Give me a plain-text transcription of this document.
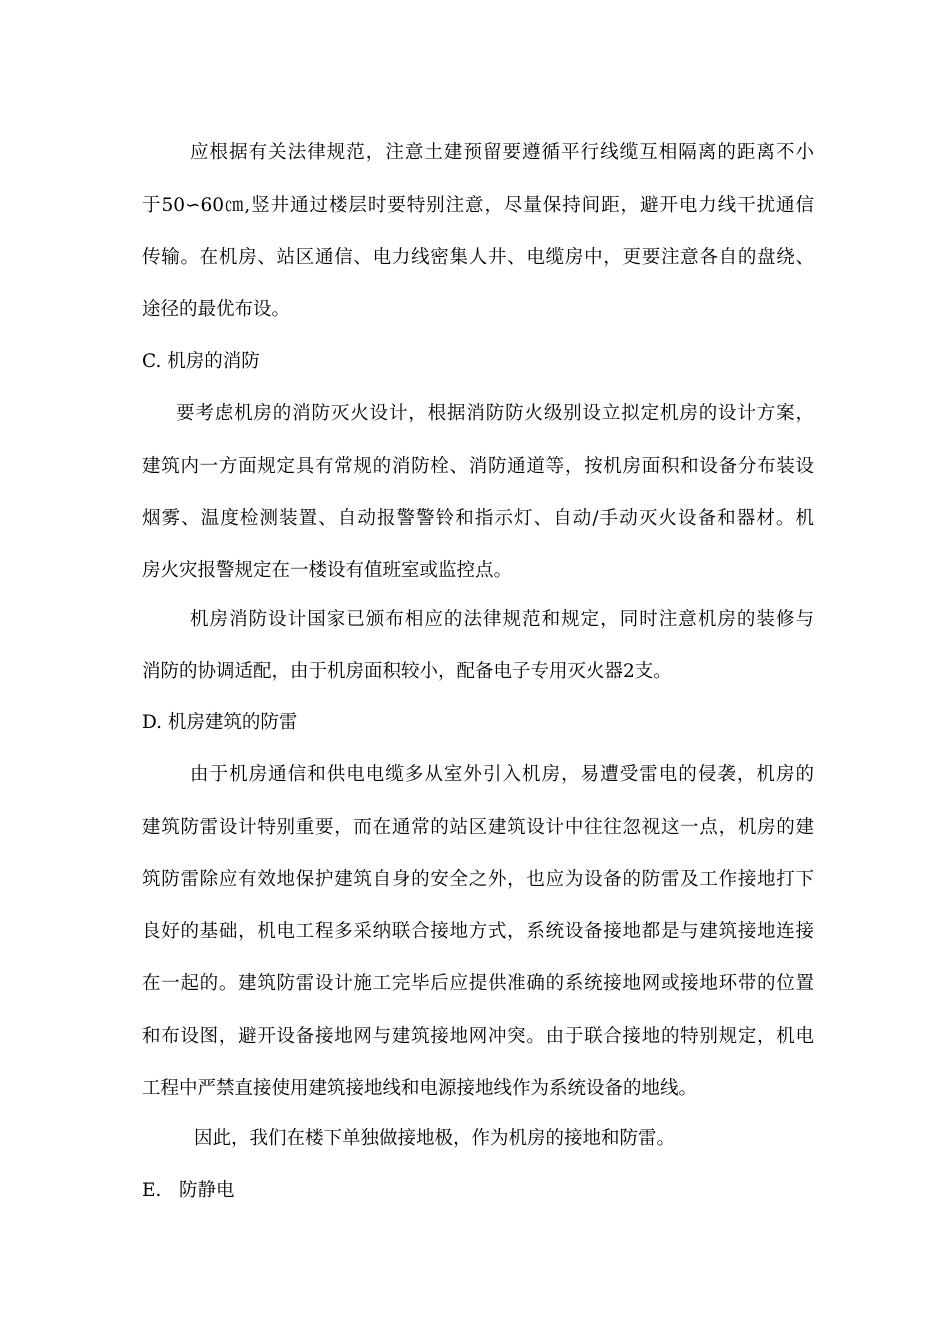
应根据有关法律规范，注意土建预留要遵循平行线缆互相隔离的距离不小
于50∽60㎝,竖井通过楼层时要特别注意，尽量保持间距，避开电力线干扰通信
传输。在机房、站区通信、电力线密集人井、电缆房中，更要注意各自的盘绕、
途径的最优布设。
C. 机房的消防
要考虑机房的消防灭火设计，根据消防防火级别设立拟定机房的设计方案，
建筑内一方面规定具有常规的消防栓、消防通道等，按机房面积和设备分布装设
烟雾、温度检测装置、自动报警警铃和指示灯、自动/手动灭火设备和器材。机
房火灾报警规定在一楼设有值班室或监控点。
机房消防设计国家已颁布相应的法律规范和规定，同时注意机房的装修与
消防的协调适配，由于机房面积较小，配备电子专用灭火器2支。
D. 机房建筑的防雷
由于机房通信和供电电缆多从室外引入机房，易遭受雷电的侵袭，机房的
建筑防雷设计特别重要，而在通常的站区建筑设计中往往忽视这一点，机房的建
筑防雷除应有效地保护建筑自身的安全之外，也应为设备的防雷及工作接地打下
良好的基础，机电工程多采纳联合接地方式，系统设备接地都是与建筑接地连接
在一起的。建筑防雷设计施工完毕后应提供准确的系统接地网或接地环带的位置
和布设图，避开设备接地网与建筑接地网冲突。由于联合接地的特别规定，机电
工程中严禁直接使用建筑接地线和电源接地线作为系统设备的地线。
因此，我们在楼下单独做接地极，作为机房的接地和防雷。
E.   防静电
